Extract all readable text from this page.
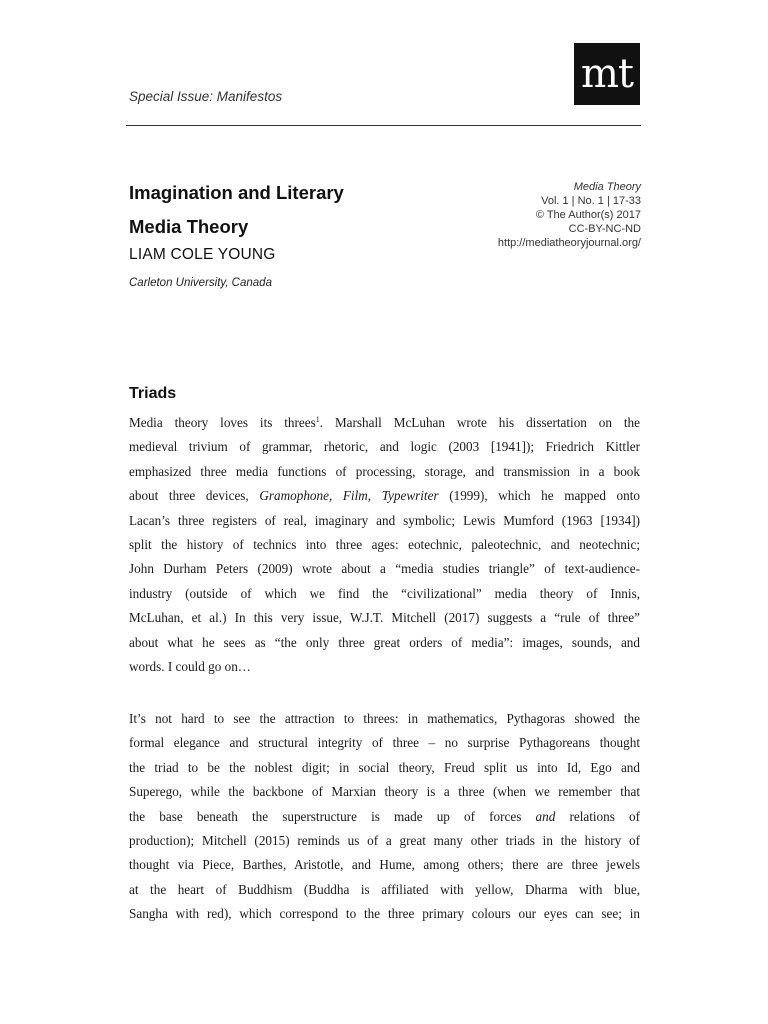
Special Issue: Manifestos	mt
Imagination and Literary
Media Theory
LIAM COLE YOUNG
Carleton University, Canada
Media Theory
Vol. 1 | No. 1 | 17-33
© The Author(s) 2017
CC-BY-NC-ND
http://mediatheoryjournal.org/
Triads
Media theory loves its threes$^1$. Marshall McLuhan wrote his dissertation on the
medieval trivium of grammar, rhetoric, and logic (2003 [1941]); Friedrich Kittler
emphasized three media functions of processing, storage, and transmission in a book
about three devices, Gramophone, Film, Typewriter (1999), which he mapped onto
Lacan’s three registers of real, imaginary and symbolic; Lewis Mumford (1963 [1934])
split the history of technics into three ages: eotechnic, paleotechnic, and neotechnic;
John Durham Peters (2009) wrote about a “media studies triangle” of text-audience-
industry (outside of which we find the “civilizational” media theory of Innis,
McLuhan, et al.) In this very issue, W.J.T. Mitchell (2017) suggests a “rule of three”
about what he sees as “the only three great orders of media”: images, sounds, and
words. I could go on…
It’s not hard to see the attraction to threes: in mathematics, Pythagoras showed the
formal elegance and structural integrity of three – no surprise Pythagoreans thought
the triad to be the noblest digit; in social theory, Freud split us into Id, Ego and
Superego, while the backbone of Marxian theory is a three (when we remember that
the base beneath the superstructure is made up of forces and relations of
production); Mitchell (2015) reminds us of a great many other triads in the history of
thought via Piece, Barthes, Aristotle, and Hume, among others; there are three jewels
at the heart of Buddhism (Buddha is affiliated with yellow, Dharma with blue,
Sangha with red), which correspond to the three primary colours our eyes can see; in
